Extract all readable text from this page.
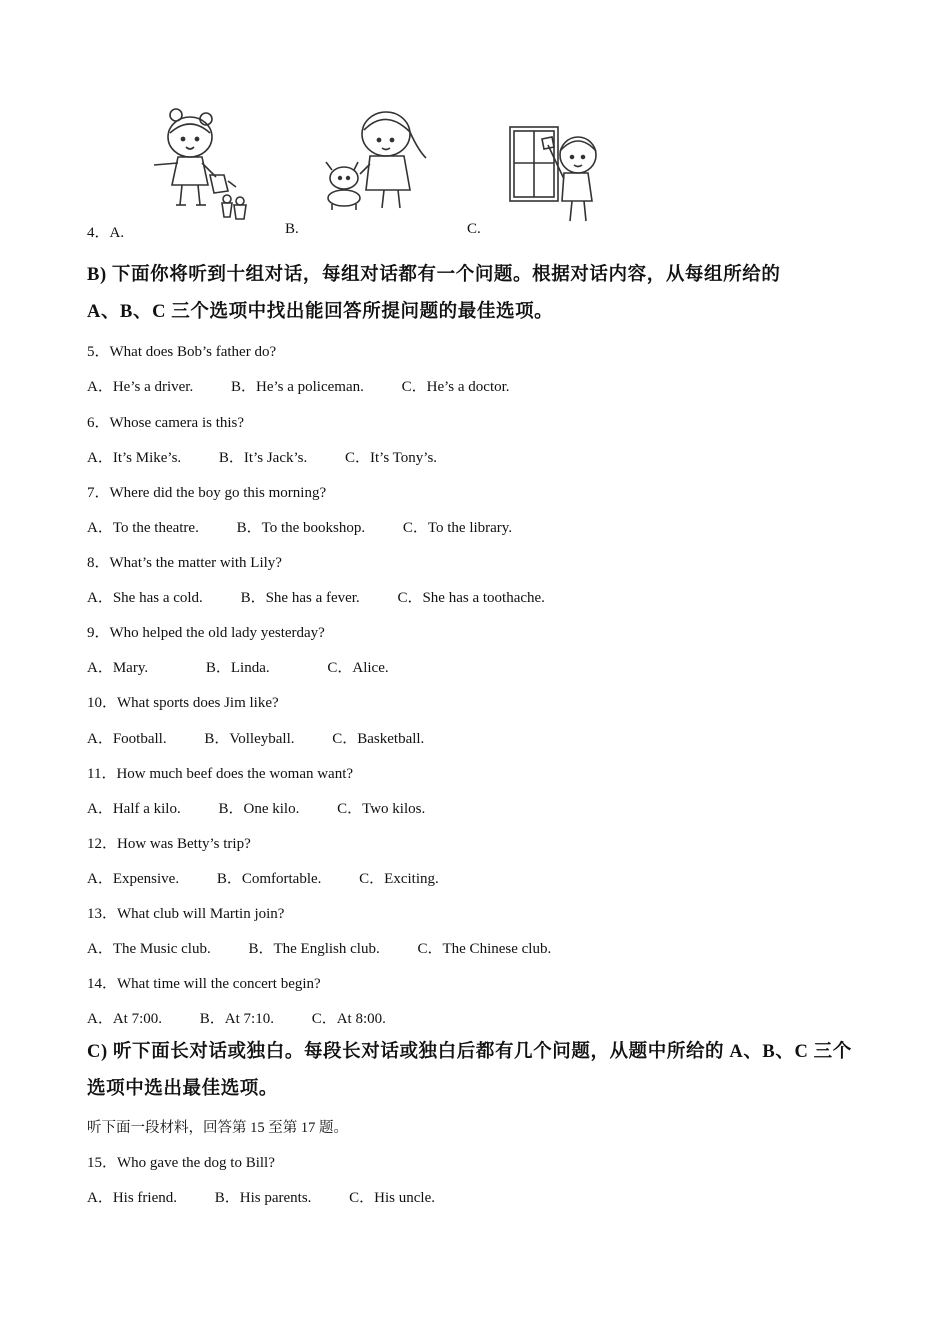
4．A.	B.	C.
B) 下面你将听到十组对话，每组对话都有一个问题。根据对话内容，从每组所给的
A、B、C 三个选项中找出能回答所提问题的最佳选项。
5．What does Bob’s father do?
A．He’s a driver.	B．He’s a policeman.	C．He’s a doctor.
6．Whose camera is this?
A．It’s Mike’s.	B．It’s Jack’s.	C．It’s Tony’s.
7．Where did the boy go this morning?
A．To the theatre.	B．To the bookshop.	C．To the library.
8．What’s the matter with Lily?
A．She has a cold.	B．She has a fever.	C．She has a toothache.
9．Who helped the old lady yesterday?
A．Mary.	B．Linda.	C．Alice.
10．What sports does Jim like?
A．Football.	B．Volleyball.	C．Basketball.
11．How much beef does the woman want?
A．Half a kilo.	B．One kilo.	C．Two kilos.
12．How was Betty’s trip?
A．Expensive.	B．Comfortable.	C．Exciting.
13．What club will Martin join?
A．The Music club.	B．The English club.	C．The Chinese club.
14．What time will the concert begin?
A．At 7:00.	B．At 7:10.	C．At 8:00.
C) 听下面长对话或独白。每段长对话或独白后都有几个问题，从题中所给的 A、B、C 三个
选项中选出最佳选项。
听下面一段材料，回答第 15 至第 17 题。
15．Who gave the dog to Bill?
A．His friend.	B．His parents.	C．His uncle.
